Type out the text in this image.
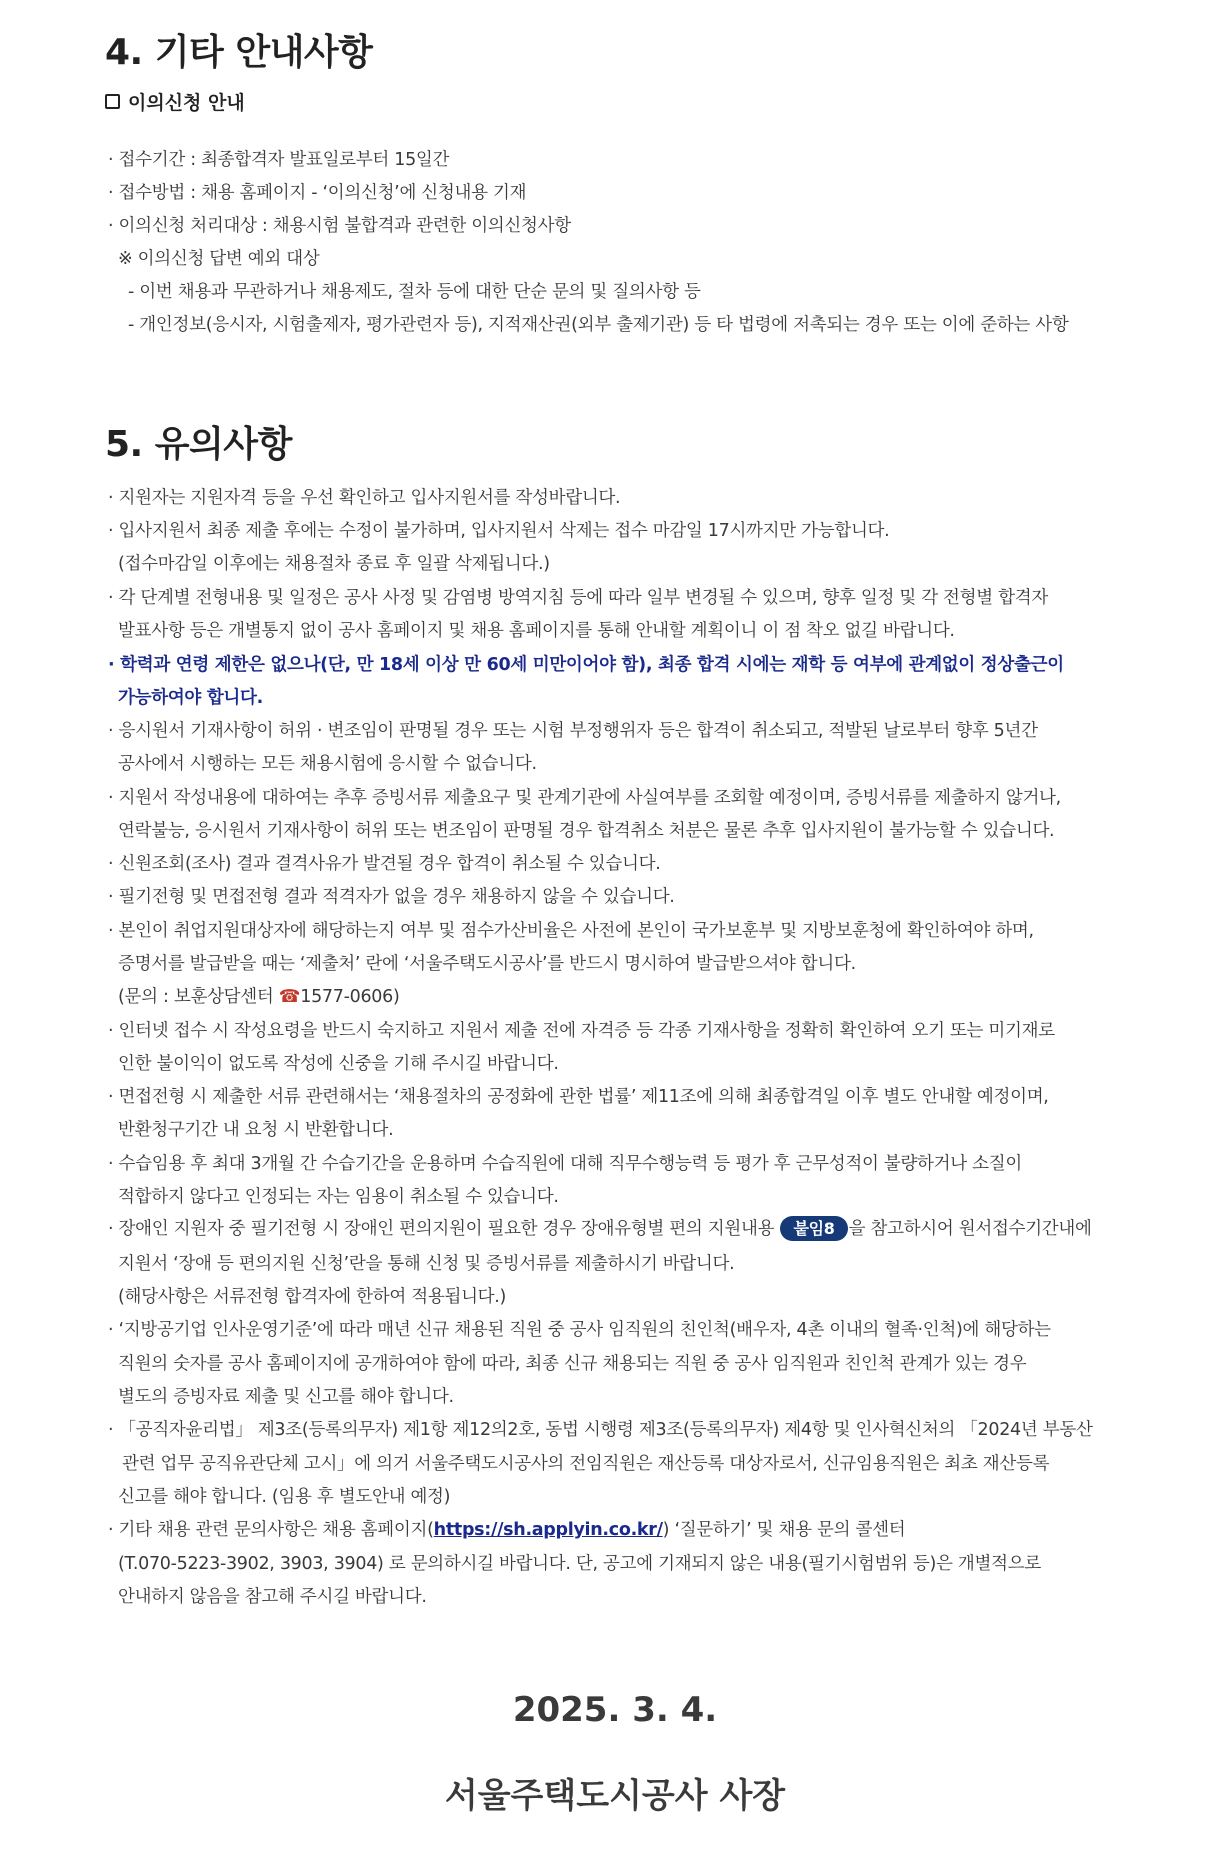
4. 기타 안내사항
이의신청 안내
· 접수기간 : 최종합격자 발표일로부터 15일간
· 접수방법 : 채용 홈페이지 - ‘이의신청’에 신청내용 기재
· 이의신청 처리대상 : 채용시험 불합격과 관련한 이의신청사항
※ 이의신청 답변 예외 대상
- 이번 채용과 무관하거나 채용제도, 절차 등에 대한 단순 문의 및 질의사항 등
- 개인정보(응시자, 시험출제자, 평가관련자 등), 지적재산권(외부 출제기관) 등 타 법령에 저촉되는 경우 또는 이에 준하는 사항
5. 유의사항
· 지원자는 지원자격 등을 우선 확인하고 입사지원서를 작성바랍니다.
· 입사지원서 최종 제출 후에는 수정이 불가하며, 입사지원서 삭제는 접수 마감일 17시까지만 가능합니다.
(접수마감일 이후에는 채용절차 종료 후 일괄 삭제됩니다.)
· 각 단계별 전형내용 및 일정은 공사 사정 및 감염병 방역지침 등에 따라 일부 변경될 수 있으며, 향후 일정 및 각 전형별 합격자
발표사항 등은 개별통지 없이 공사 홈페이지 및 채용 홈페이지를 통해 안내할 계획이니 이 점 착오 없길 바랍니다.
· 학력과 연령 제한은 없으나(단, 만 18세 이상 만 60세 미만이어야 함), 최종 합격 시에는 재학 등 여부에 관계없이 정상출근이
가능하여야 합니다.
· 응시원서 기재사항이 허위 · 변조임이 판명될 경우 또는 시험 부정행위자 등은 합격이 취소되고, 적발된 날로부터 향후 5년간
공사에서 시행하는 모든 채용시험에 응시할 수 없습니다.
· 지원서 작성내용에 대하여는 추후 증빙서류 제출요구 및 관계기관에 사실여부를 조회할 예정이며, 증빙서류를 제출하지 않거나,
연락불능, 응시원서 기재사항이 허위 또는 변조임이 판명될 경우 합격취소 처분은 물론 추후 입사지원이 불가능할 수 있습니다.
· 신원조회(조사) 결과 결격사유가 발견될 경우 합격이 취소될 수 있습니다.
· 필기전형 및 면접전형 결과 적격자가 없을 경우 채용하지 않을 수 있습니다.
· 본인이 취업지원대상자에 해당하는지 여부 및 점수가산비율은 사전에 본인이 국가보훈부 및 지방보훈청에 확인하여야 하며,
증명서를 발급받을 때는 ‘제출처’ 란에 ‘서울주택도시공사’를 반드시 명시하여 발급받으셔야 합니다.
(문의 : 보훈상담센터 ☎1577-0606)
· 인터넷 접수 시 작성요령을 반드시 숙지하고 지원서 제출 전에 자격증 등 각종 기재사항을 정확히 확인하여 오기 또는 미기재로
인한 불이익이 없도록 작성에 신중을 기해 주시길 바랍니다.
· 면접전형 시 제출한 서류 관련해서는 ‘채용절차의 공정화에 관한 법률’ 제11조에 의해 최종합격일 이후 별도 안내할 예정이며,
반환청구기간 내 요청 시 반환합니다.
· 수습임용 후 최대 3개월 간 수습기간을 운용하며 수습직원에 대해 직무수행능력 등 평가 후 근무성적이 불량하거나 소질이
적합하지 않다고 인정되는 자는 임용이 취소될 수 있습니다.
· 장애인 지원자 중 필기전형 시 장애인 편의지원이 필요한 경우 장애유형별 편의 지원내용 붙임8 을 참고하시어 원서접수기간내에
지원서 ‘장애 등 편의지원 신청’란을 통해 신청 및 증빙서류를 제출하시기 바랍니다.
(해당사항은 서류전형 합격자에 한하여 적용됩니다.)
· ‘지방공기업 인사운영기준’에 따라 매년 신규 채용된 직원 중 공사 임직원의 친인척(배우자, 4촌 이내의 혈족·인척)에 해당하는
직원의 숫자를 공사 홈페이지에 공개하여야 함에 따라, 최종 신규 채용되는 직원 중 공사 임직원과 친인척 관계가 있는 경우
별도의 증빙자료 제출 및 신고를 해야 합니다.
· 「공직자윤리법」 제3조(등록의무자) 제1항 제12의2호, 동법 시행령 제3조(등록의무자) 제4항 및 인사혁신처의 「2024년 부동산
관련 업무 공직유관단체 고시」에 의거 서울주택도시공사의 전임직원은 재산등록 대상자로서, 신규임용직원은 최초 재산등록
신고를 해야 합니다. (임용 후 별도안내 예정)
· 기타 채용 관련 문의사항은 채용 홈페이지(https://sh.applyin.co.kr/) ‘질문하기’ 및 채용 문의 콜센터
(T.070-5223-3902, 3903, 3904) 로 문의하시길 바랍니다. 단, 공고에 기재되지 않은 내용(필기시험범위 등)은 개별적으로
안내하지 않음을 참고해 주시길 바랍니다.
2025. 3. 4.
서울주택도시공사 사장
